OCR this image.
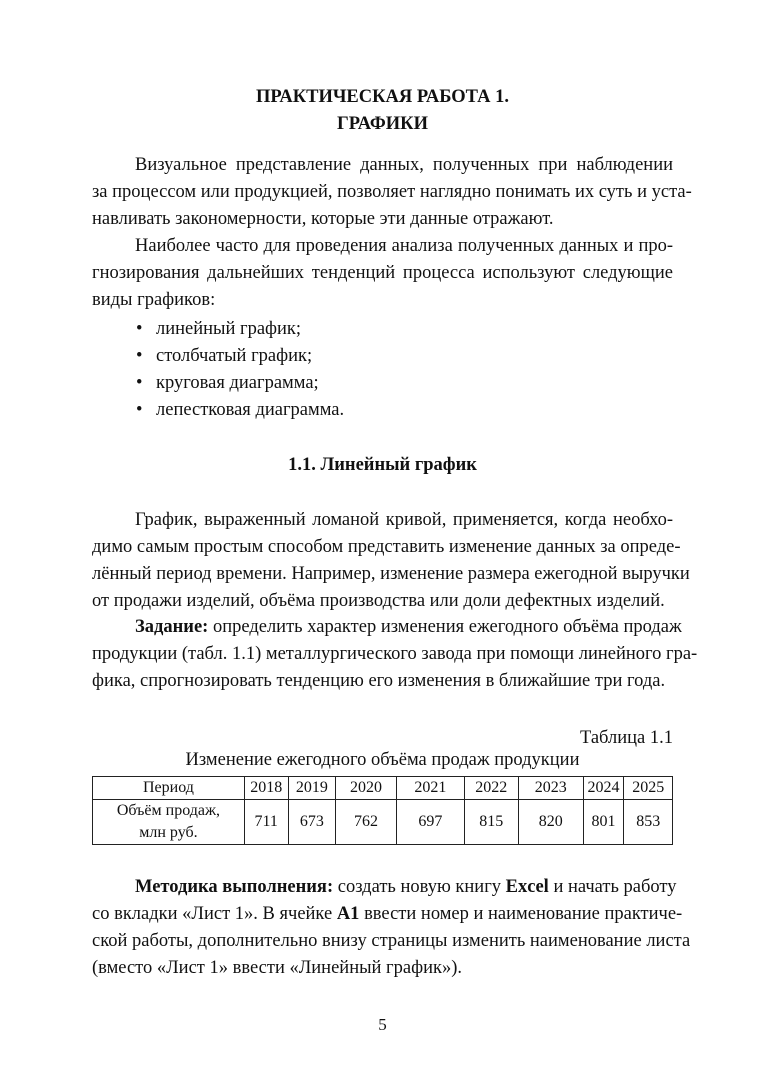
ПРАКТИЧЕСКАЯ РАБОТА 1.
ГРАФИКИ
Визуальное представление данных, полученных при наблюдении
за процессом или продукцией, позволяет наглядно понимать их суть и уста-
навливать закономерности, которые эти данные отражают.
Наиболее часто для проведения анализа полученных данных и про-
гнозирования дальнейших тенденций процесса используют следующие
виды графиков:
• линейный график;
• столбчатый график;
• круговая диаграмма;
• лепестковая диаграмма.
1.1. Линейный график
График, выраженный ломаной кривой, применяется, когда необхо-
димо самым простым способом представить изменение данных за опреде-
лённый период времени. Например, изменение размера ежегодной выручки
от продажи изделий, объёма производства или доли дефектных изделий.
Задание: определить характер изменения ежегодного объёма продаж
продукции (табл. 1.1) металлургического завода при помощи линейного гра-
фика, спрогнозировать тенденцию его изменения в ближайшие три года.
Таблица 1.1
Изменение ежегодного объёма продаж продукции
Период	2018	2019	2020	2021	2022	2023	2024	2025

Объём продаж,
млн руб.	711	673	762	697	815	820	801	853
Методика выполнения: создать новую книгу Excel и начать работу
со вкладки «Лист 1». В ячейке A1 ввести номер и наименование практиче-
ской работы, дополнительно внизу страницы изменить наименование листа
(вместо «Лист 1» ввести «Линейный график»).
5
